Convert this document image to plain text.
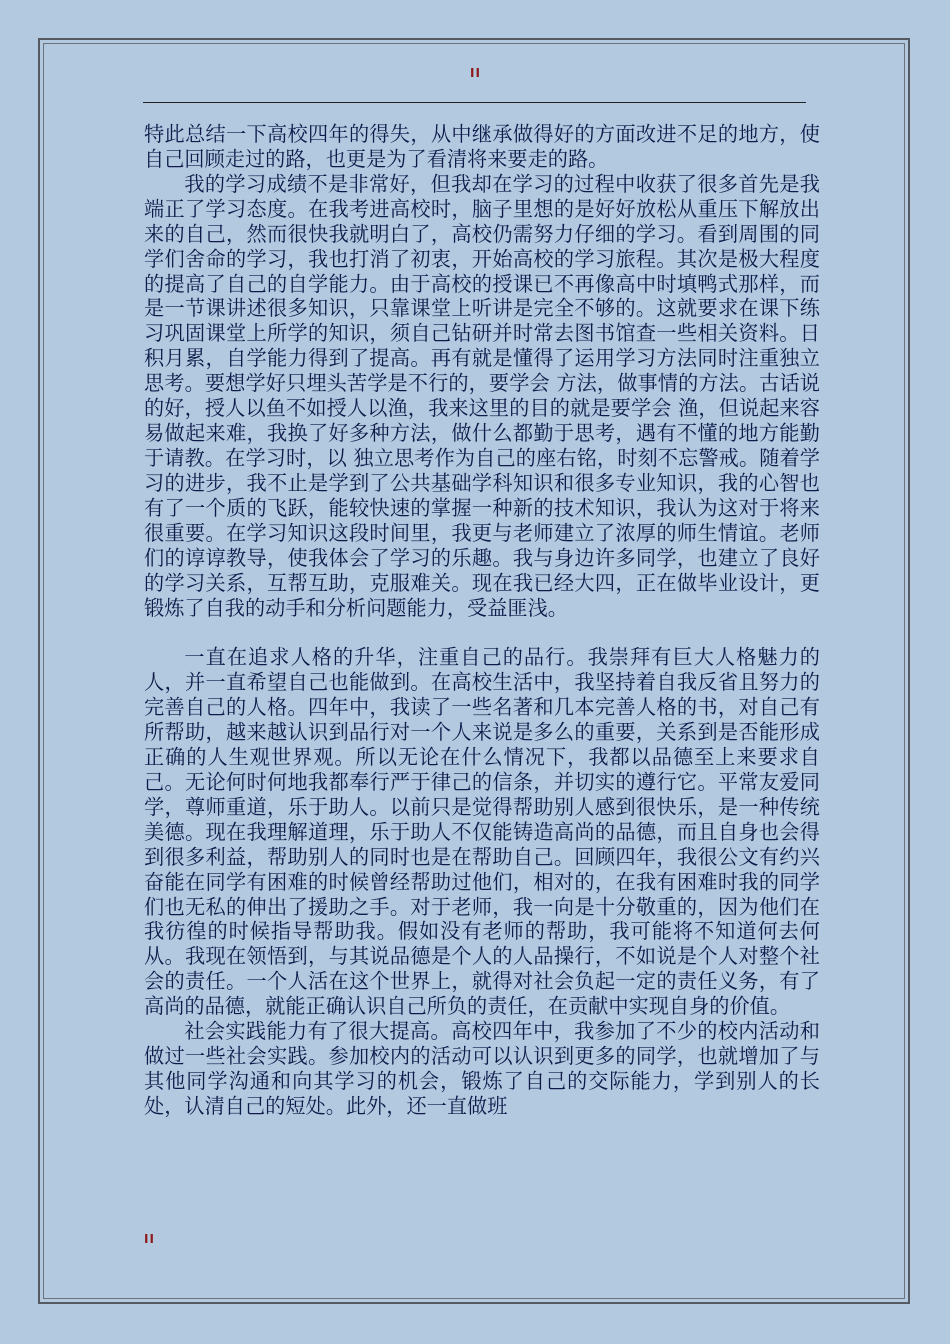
II

特此总结一下高校四年的得失，从中继承做得好的方面改进不足的地方，使自己回顾走过的路，也更是为了看清将来要走的路。

我的学习成绩不是非常好，但我却在学习的过程中收获了很多首先是我端正了学习态度。在我考进高校时，脑子里想的是好好放松从重压下解放出来的自己，然而很快我就明白了，高校仍需努力仔细的学习。看到周围的同学们舍命的学习，我也打消了初衷，开始高校的学习旅程。其次是极大程度的提高了自己的自学能力。由于高校的授课已不再像高中时填鸭式那样，而是一节课讲述很多知识，只靠课堂上听讲是完全不够的。这就要求在课下练习巩固课堂上所学的知识，须自己钻研并时常去图书馆查一些相关资料。日积月累，自学能力得到了提高。再有就是懂得了运用学习方法同时注重独立思考。要想学好只埋头苦学是不行的，要学会 方法，做事情的方法。古话说的好，授人以鱼不如授人以渔，我来这里的目的就是要学会 渔，但说起来容易做起来难，我换了好多种方法，做什么都勤于思考，遇有不懂的地方能勤于请教。在学习时，以 独立思考作为自己的座右铭，时刻不忘警戒。随着学习的进步，我不止是学到了公共基础学科知识和很多专业知识，我的心智也有了一个质的飞跃，能较快速的掌握一种新的技术知识，我认为这对于将来很重要。在学习知识这段时间里，我更与老师建立了浓厚的师生情谊。老师们的谆谆教导，使我体会了学习的乐趣。我与身边许多同学，也建立了良好的学习关系，互帮互助，克服难关。现在我已经大四，正在做毕业设计，更锻炼了自我的动手和分析问题能力，受益匪浅。

一直在追求人格的升华，注重自己的品行。我崇拜有巨大人格魅力的人，并一直希望自己也能做到。在高校生活中，我坚持着自我反省且努力的完善自己的人格。四年中，我读了一些名著和几本完善人格的书，对自己有所帮助，越来越认识到品行对一个人来说是多么的重要，关系到是否能形成正确的人生观世界观。所以无论在什么情况下，我都以品德至上来要求自己。无论何时何地我都奉行严于律己的信条，并切实的遵行它。平常友爱同学，尊师重道，乐于助人。以前只是觉得帮助别人感到很快乐，是一种传统美德。现在我理解道理，乐于助人不仅能铸造高尚的品德，而且自身也会得到很多利益，帮助别人的同时也是在帮助自己。回顾四年，我很公文有约兴奋能在同学有困难的时候曾经帮助过他们，相对的，在我有困难时我的同学们也无私的伸出了援助之手。对于老师，我一向是十分敬重的，因为他们在我彷徨的时候指导帮助我。假如没有老师的帮助，我可能将不知道何去何从。我现在领悟到，与其说品德是个人的人品操行，不如说是个人对整个社会的责任。一个人活在这个世界上，就得对社会负起一定的责任义务，有了高尚的品德，就能正确认识自己所负的责任，在贡献中实现自身的价值。

社会实践能力有了很大提高。高校四年中，我参加了不少的校内活动和做过一些社会实践。参加校内的活动可以认识到更多的同学，也就增加了与其他同学沟通和向其学习的机会，锻炼了自己的交际能力，学到别人的长处，认清自己的短处。此外，还一直做班

II
